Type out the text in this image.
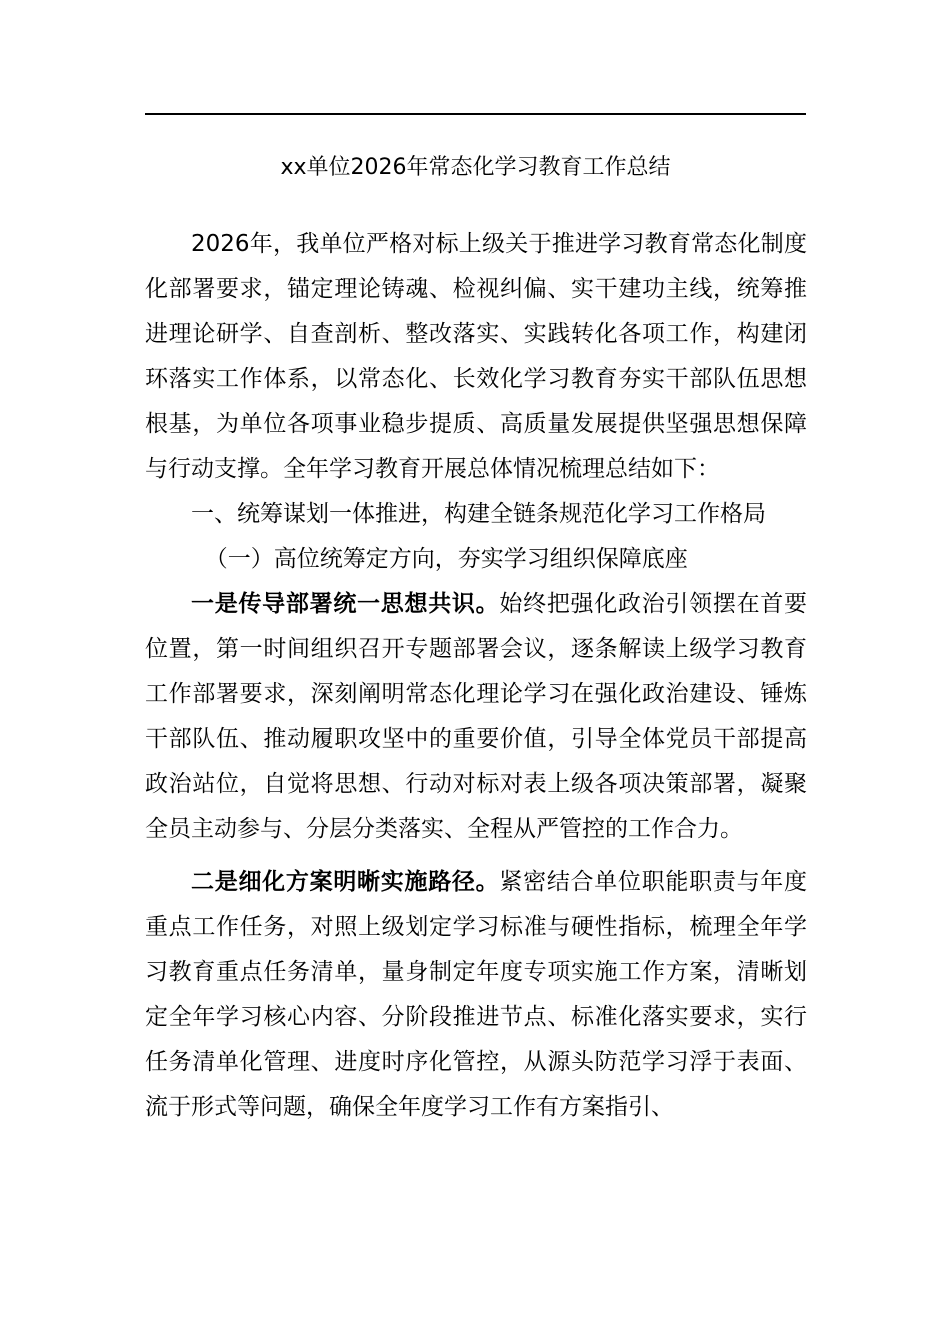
xx单位2026年常态化学习教育工作总结

2026年，我单位严格对标上级关于推进学习教育常态化制度化部署要求，锚定理论铸魂、检视纠偏、实干建功主线，统筹推进理论研学、自查剖析、整改落实、实践转化各项工作，构建闭环落实工作体系，以常态化、长效化学习教育夯实干部队伍思想根基，为单位各项事业稳步提质、高质量发展提供坚强思想保障与行动支撑。全年学习教育开展总体情况梳理总结如下：

一、统筹谋划一体推进，构建全链条规范化学习工作格局

（一）高位统筹定方向，夯实学习组织保障底座

一是传导部署统一思想共识。始终把强化政治引领摆在首要位置，第一时间组织召开专题部署会议，逐条解读上级学习教育工作部署要求，深刻阐明常态化理论学习在强化政治建设、锤炼干部队伍、推动履职攻坚中的重要价值，引导全体党员干部提高政治站位，自觉将思想、行动对标对表上级各项决策部署，凝聚全员主动参与、分层分类落实、全程从严管控的工作合力。

二是细化方案明晰实施路径。紧密结合单位职能职责与年度重点工作任务，对照上级划定学习标准与硬性指标，梳理全年学习教育重点任务清单，量身制定年度专项实施工作方案，清晰划定全年学习核心内容、分阶段推进节点、标准化落实要求，实行任务清单化管理、进度时序化管控，从源头防范学习浮于表面、流于形式等问题，确保全年度学习工作有方案指引、
